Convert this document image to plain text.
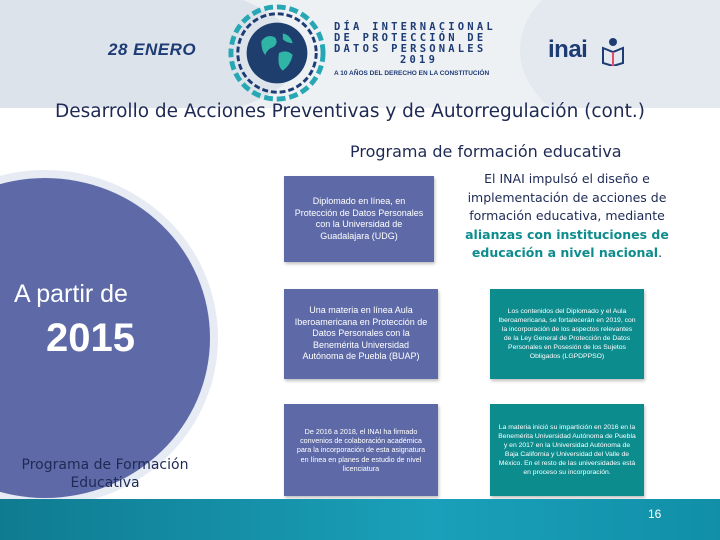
28 ENERO
DÍA INTERNACIONAL
DE PROTECCIÓN DE
DATOS PERSONALES
2019
A 10 AÑOS DEL DERECHO EN LA CONSTITUCIÓN
inai
Desarrollo de Acciones Preventivas y de Autorregulación (cont.)
Programa de formación educativa
A partir de
2015
Programa de Formación Educativa
Diplomado en línea, en Protección de Datos Personales con la Universidad de Guadalajara (UDG)
Una materia en línea Aula Iberoamericana en Protección de Datos Personales con la Benemérita Universidad Autónoma de Puebla (BUAP)
De 2016 a 2018, el INAI ha firmado convenios de colaboración académica para la incorporación de esta asignatura en línea en planes de estudio de nivel licenciatura
Los contenidos del Diplomado y el Aula Iberoamericana, se fortalecerán en 2019, con la incorporación de los aspectos relevantes de la Ley General de Protección de Datos Personales en Posesión de los Sujetos Obligados (LGPDPPSO)
La materia inició su impartición en 2016 en la Benemérita Universidad Autónoma de Puebla y en 2017 en la Universidad Autónoma de Baja California y Universidad del Valle de México. En el resto de las universidades está en proceso su incorporación.
El INAI impulsó el diseño e implementación de acciones de formación educativa, mediante alianzas con instituciones de educación a nivel nacional.
16
